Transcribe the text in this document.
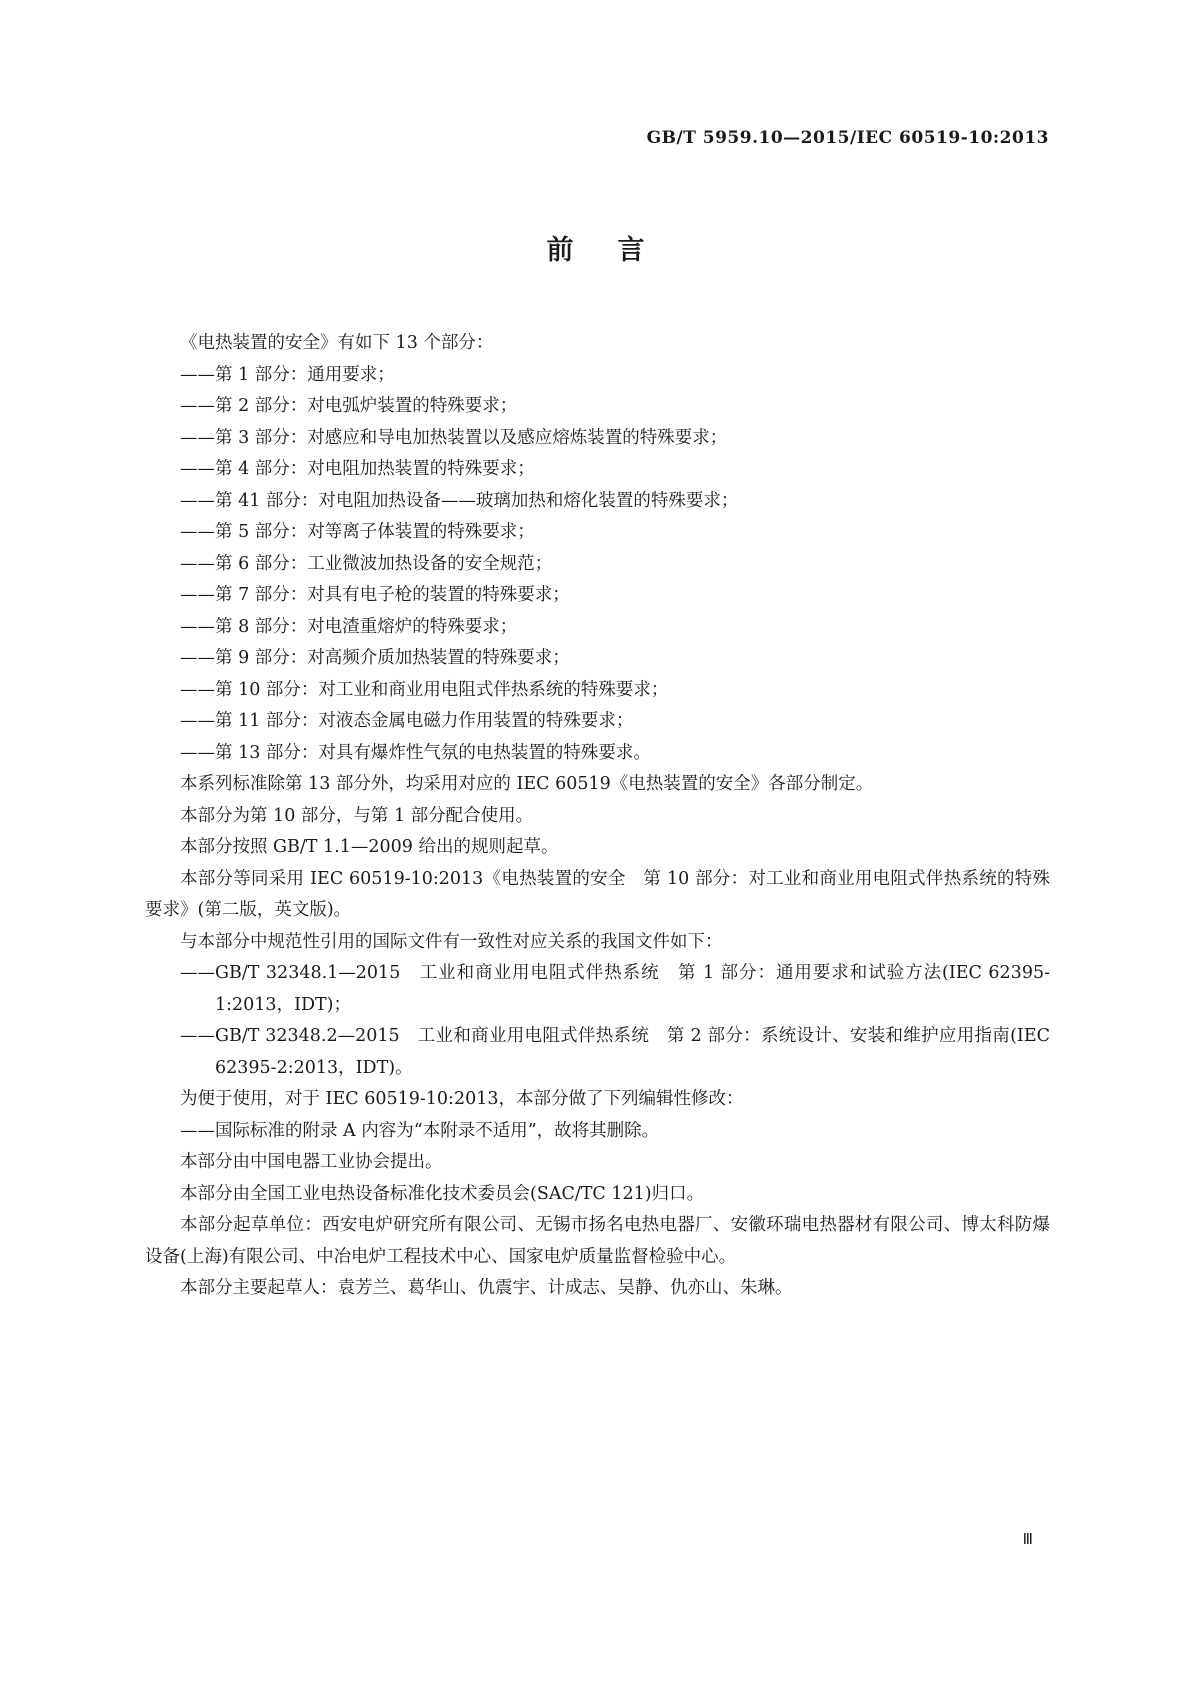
GB/T 5959.10—2015/IEC 60519-10:2013
前言

《电热装置的安全》有如下 13 个部分：

——第 1 部分：通用要求；

——第 2 部分：对电弧炉装置的特殊要求；

——第 3 部分：对感应和导电加热装置以及感应熔炼装置的特殊要求；

——第 4 部分：对电阻加热装置的特殊要求；

——第 41 部分：对电阻加热设备——玻璃加热和熔化装置的特殊要求；

——第 5 部分：对等离子体装置的特殊要求；

——第 6 部分：工业微波加热设备的安全规范；

——第 7 部分：对具有电子枪的装置的特殊要求；

——第 8 部分：对电渣重熔炉的特殊要求；

——第 9 部分：对高频介质加热装置的特殊要求；

——第 10 部分：对工业和商业用电阻式伴热系统的特殊要求；

——第 11 部分：对液态金属电磁力作用装置的特殊要求；

——第 13 部分：对具有爆炸性气氛的电热装置的特殊要求。

本系列标准除第 13 部分外，均采用对应的 IEC 60519《电热装置的安全》各部分制定。

本部分为第 10 部分，与第 1 部分配合使用。

本部分按照 GB/T 1.1—2009 给出的规则起草。

本部分等同采用 IEC 60519-10:2013《电热装置的安全　第 10 部分：对工业和商业用电阻式伴热系统的特殊要求》(第二版，英文版)。

与本部分中规范性引用的国际文件有一致性对应关系的我国文件如下：

——GB/T 32348.1—2015　工业和商业用电阻式伴热系统　第 1 部分：通用要求和试验方法(IEC 62395-1:2013，IDT)；

——GB/T 32348.2—2015　工业和商业用电阻式伴热系统　第 2 部分：系统设计、安装和维护应用指南(IEC 62395-2:2013，IDT)。

为便于使用，对于 IEC 60519-10:2013，本部分做了下列编辑性修改：

——国际标准的附录 A 内容为“本附录不适用”，故将其删除。

本部分由中国电器工业协会提出。

本部分由全国工业电热设备标准化技术委员会(SAC/TC 121)归口。

本部分起草单位：西安电炉研究所有限公司、无锡市扬名电热电器厂、安徽环瑞电热器材有限公司、博太科防爆设备(上海)有限公司、中冶电炉工程技术中心、国家电炉质量监督检验中心。

本部分主要起草人：袁芳兰、葛华山、仇震宇、计成志、吴静、仇亦山、朱琳。

Ⅲ
